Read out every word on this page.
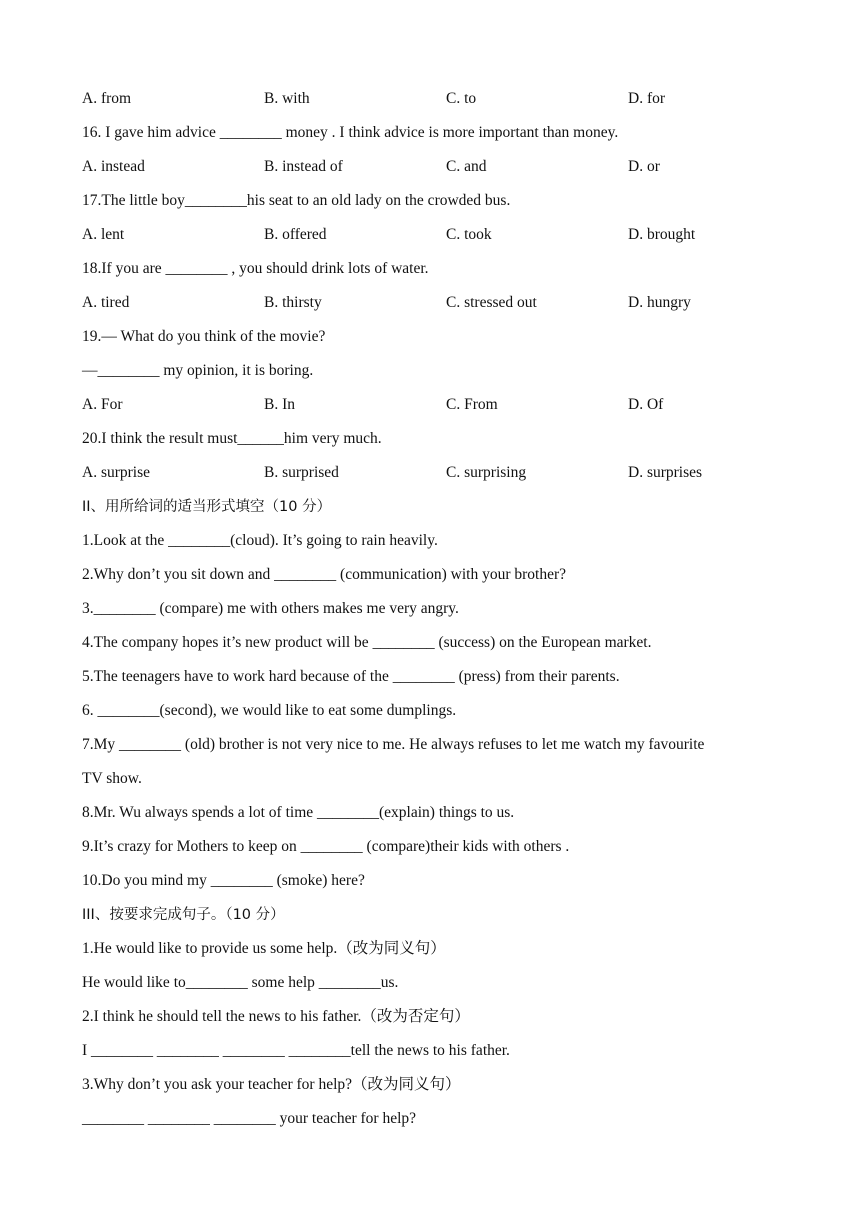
A. from	B. with	C. to	D. for
16. I gave him advice ________ money . I think advice is more important than money.
A. instead	B. instead of	C. and	D. or
17.The little boy________his seat to an old lady on the crowded bus.
A. lent	B. offered	C. took	D. brought
18.If you are ________ , you should drink lots of water.
A. tired	B. thirsty	C. stressed out	D. hungry
19.— What do you think of the movie?
—________ my opinion, it is boring.
A. For	B. In	C. From	D. Of
20.I think the result must______him very much.
A. surprise	B. surprised	C. surprising	D. surprises
II、用所给词的适当形式填空（10 分）
1.Look at the ________(cloud). It’s going to rain heavily.
2.Why don’t you sit down and ________ (communication) with your brother?
3.________ (compare) me with others makes me very angry.
4.The company hopes it’s new product will be ________ (success) on the European market.
5.The teenagers have to work hard because of the ________ (press) from their parents.
6. ________(second), we would like to eat some dumplings.
7.My ________ (old) brother is not very nice to me. He always refuses to let me watch my favourite
TV show.
8.Mr. Wu always spends a lot of time ________(explain) things to us.
9.It’s crazy for Mothers to keep on ________ (compare)their kids with others .
10.Do you mind my ________ (smoke) here?
III、按要求完成句子。（10 分）
1.He would like to provide us some help.（改为同义句）
He would like to________ some help ________us.
2.I think he should tell the news to his father.（改为否定句）
I ________ ________ ________ ________tell the news to his father.
3.Why don’t you ask your teacher for help?（改为同义句）
________ ________ ________ your teacher for help?
